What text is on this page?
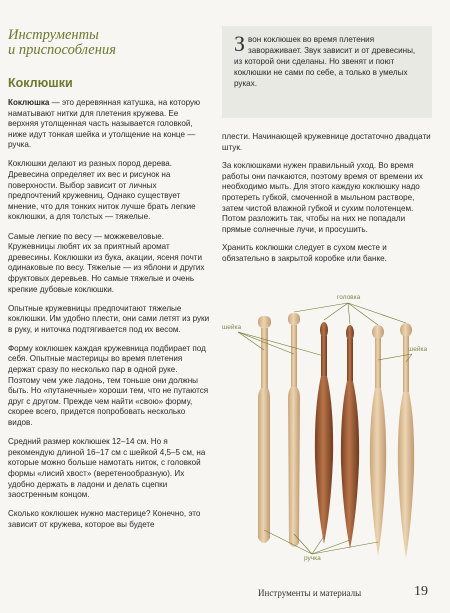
Инструменты
и приспособления
Коклюшки

Коклюшка — это деревянная катушка, на которую наматывают нитки для плетения кружева. Ее верхняя утолщенная часть называется головкой, ниже идут тонкая шейка и утолщение на конце — ручка.

Коклюшки делают из разных пород дерева. Древесина определяет их вес и рисунок на поверхности. Выбор зависит от личных предпочтений кружевниц. Однако существует мнение, что для тонких ниток лучше брать легкие коклюшки, а для толстых — тяжелые.

Самые легкие по весу — можжевеловые. Кружевницы любят их за приятный аромат древесины. Коклюшки из бука, акации, ясеня почти одинаковые по весу. Тяжелые — из яблони и других фруктовых деревьев. Но самые тяжелые и очень крепкие дубовые коклюшки.

Опытные кружевницы предпочитают тяжелые коклюшки. Им удобно плести, они сами летят из руки в руку, и ниточка подтягивается под их весом.

Форму коклюшек каждая кружевница подбирает под себя. Опытные мастерицы во время плетения держат сразу по несколько пар в одной руке. Поэтому чем уже ладонь, тем тоньше они должны быть. Но «путанечные» хороши тем, что не путаются друг с другом. Прежде чем найти «свою» форму, скорее всего, придется попробовать несколько видов.

Средний размер коклюшек 12–14 см. Но я рекомендую длиной 16–17 см с шейкой 4,5–5 см, на которые можно больше намотать ниток, с головкой формы «лисий хвост» (веретенообразную). Их удобно держать в ладони и делать сцепки заостренным концом.

Сколько коклюшек нужно мастерице? Конечно, это зависит от кружева, которое вы будете

Звон коклюшек во время плетения завораживает. Звук зависит и от древесины, из которой они сделаны. Но звенят и поют коклюшки не сами по себе, а только в умелых руках.

плести. Начинающей кружевнице достаточно двадцати штук.

За коклюшками нужен правильный уход. Во время работы они пачкаются, поэтому время от времени их необходимо мыть. Для этого каждую коклюшку надо протереть губкой, смоченной в мыльном растворе, затем чистой влажной губкой и сухим полотенцем. Потом разложить так, чтобы на них не попадали прямые солнечные лучи, и просушить.

Хранить коклюшки следует в сухом месте и обязательно в закрытой коробке или банке.

головка
шейка
шейка
ручка
Инструменты и материалы	19
